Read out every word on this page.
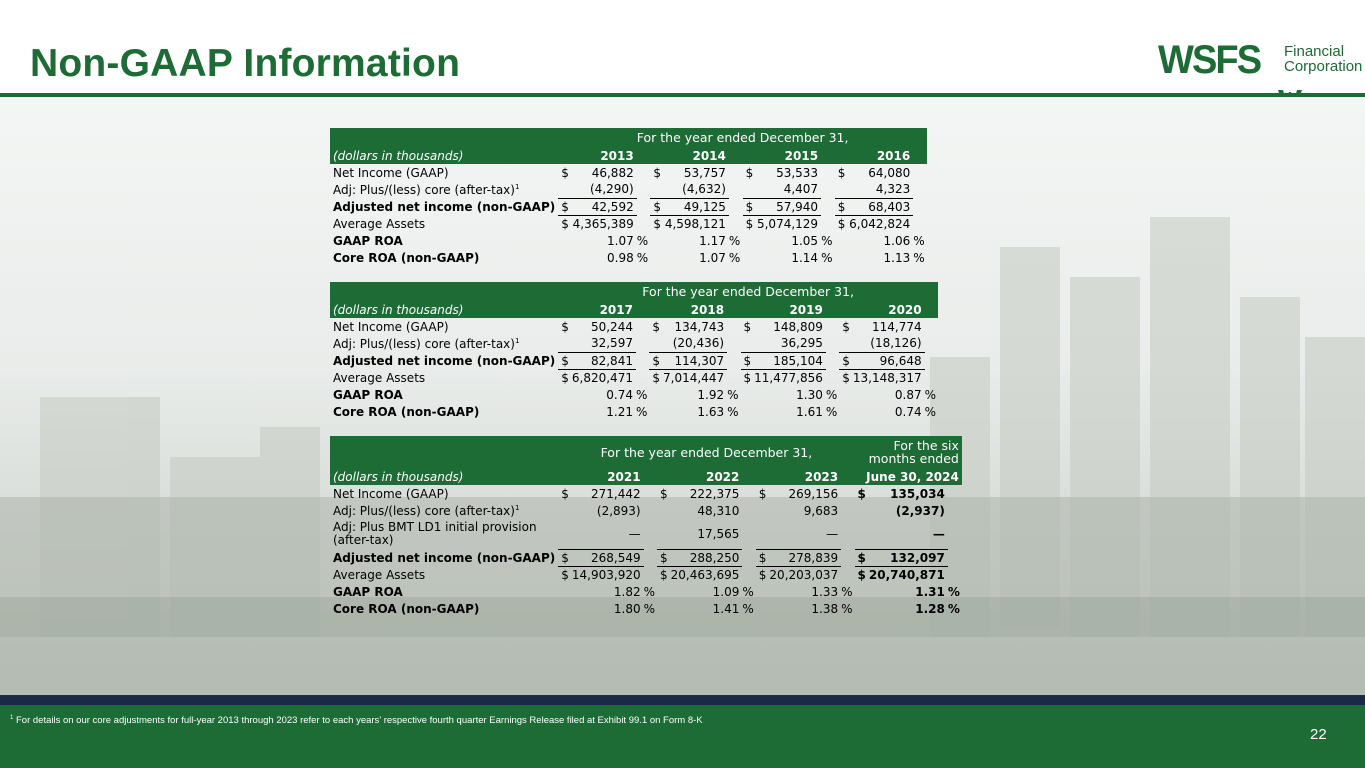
Non-GAAP Information	WSFS Financial
Corporation
	For the year ended December 31,											
(dollars in thousands)		2013			2014			2015			2016	
Net Income (GAAP)	$	46,882		$	53,757		$	53,533		$	64,080	
Adj: Plus/(less) core (after-tax)$^1$		(4,290)			(4,632)			4,407			4,323	
Adjusted net income (non-GAAP)	$	42,592		$	49,125		$	57,940		$	68,403	
Average Assets	$	4,365,389		$	4,598,121		$	5,074,129		$	6,042,824	
GAAP ROA		1.07	%		1.17	%		1.05	%		1.06	%
Core ROA (non-GAAP)		0.98	%		1.07	%		1.14	%		1.13	%
	For the year ended December 31,											
(dollars in thousands)		2017			2018			2019			2020	
Net Income (GAAP)	$	50,244		$	134,743		$	148,809		$	114,774	
Adj: Plus/(less) core (after-tax)$^1$		32,597			(20,436)			36,295			(18,126)	
Adjusted net income (non-GAAP)	$	82,841		$	114,307		$	185,104		$	96,648	
Average Assets	$	6,820,471		$	7,014,447		$	11,477,856		$	13,148,317	
GAAP ROA		0.74	%		1.92	%		1.30	%		0.87	%
Core ROA (non-GAAP)		1.21	%		1.63	%		1.61	%		0.74	%
	For the year ended December 31,									For the six months ended		
(dollars in thousands)		2021			2022			2023		June 30, 2024		
Net Income (GAAP)	$	271,442		$	222,375		$	269,156		$	135,034	
Adj: Plus/(less) core (after-tax)$^1$		(2,893)			48,310			9,683			(2,937)	
Adj: Plus BMT LD1 initial provision (after-tax)		—			17,565			—			—	
Adjusted net income (non-GAAP)	$	268,549		$	288,250		$	278,839		$	132,097	
Average Assets	$	14,903,920		$	20,463,695		$	20,203,037		$	20,740,871	
GAAP ROA		1.82	%		1.09	%		1.33	%		1.31	%
Core ROA (non-GAAP)		1.80	%		1.41	%		1.38	%		1.28	%
$^1$ For details on our core adjustments for full-year 2013 through 2023 refer to each years’ respective fourth quarter Earnings Release filed at Exhibit 99.1 on Form 8-K
22
